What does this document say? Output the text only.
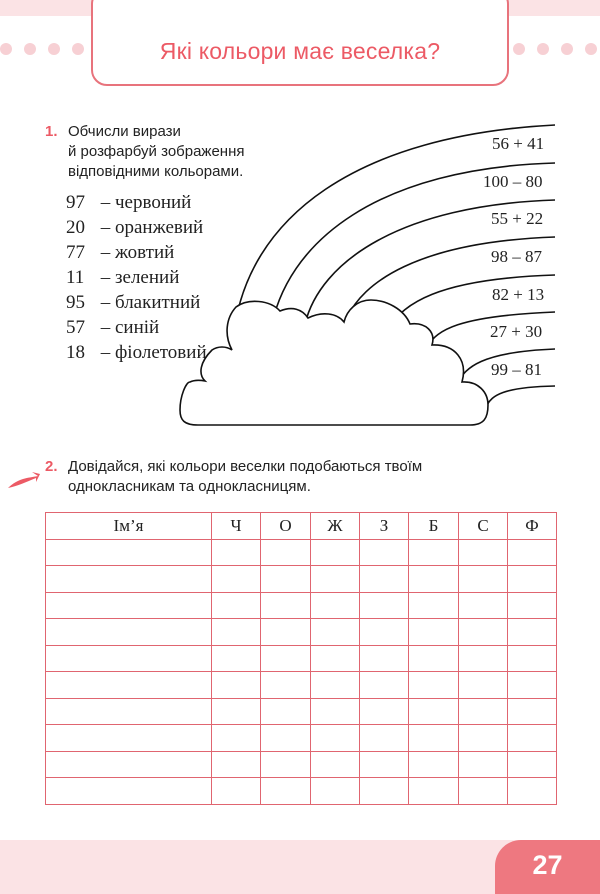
Які кольори має веселка?
1. Обчисли вирази
й розфарбуй зображення
відповідними кольорами.
97 – червоний
20 – оранжевий
77 – жовтий
11 – зелений
95 – блакитний
57 – синій
18 – фіолетовий
56 + 41
100 – 80
55 + 22
98 – 87
82 + 13
27 + 30
99 – 81
2. Довідайся, які кольори веселки подобаються твоїм
однокласникам та однокласницям.
Ім’я	Ч	О	Ж	З	Б	С	Ф

27
